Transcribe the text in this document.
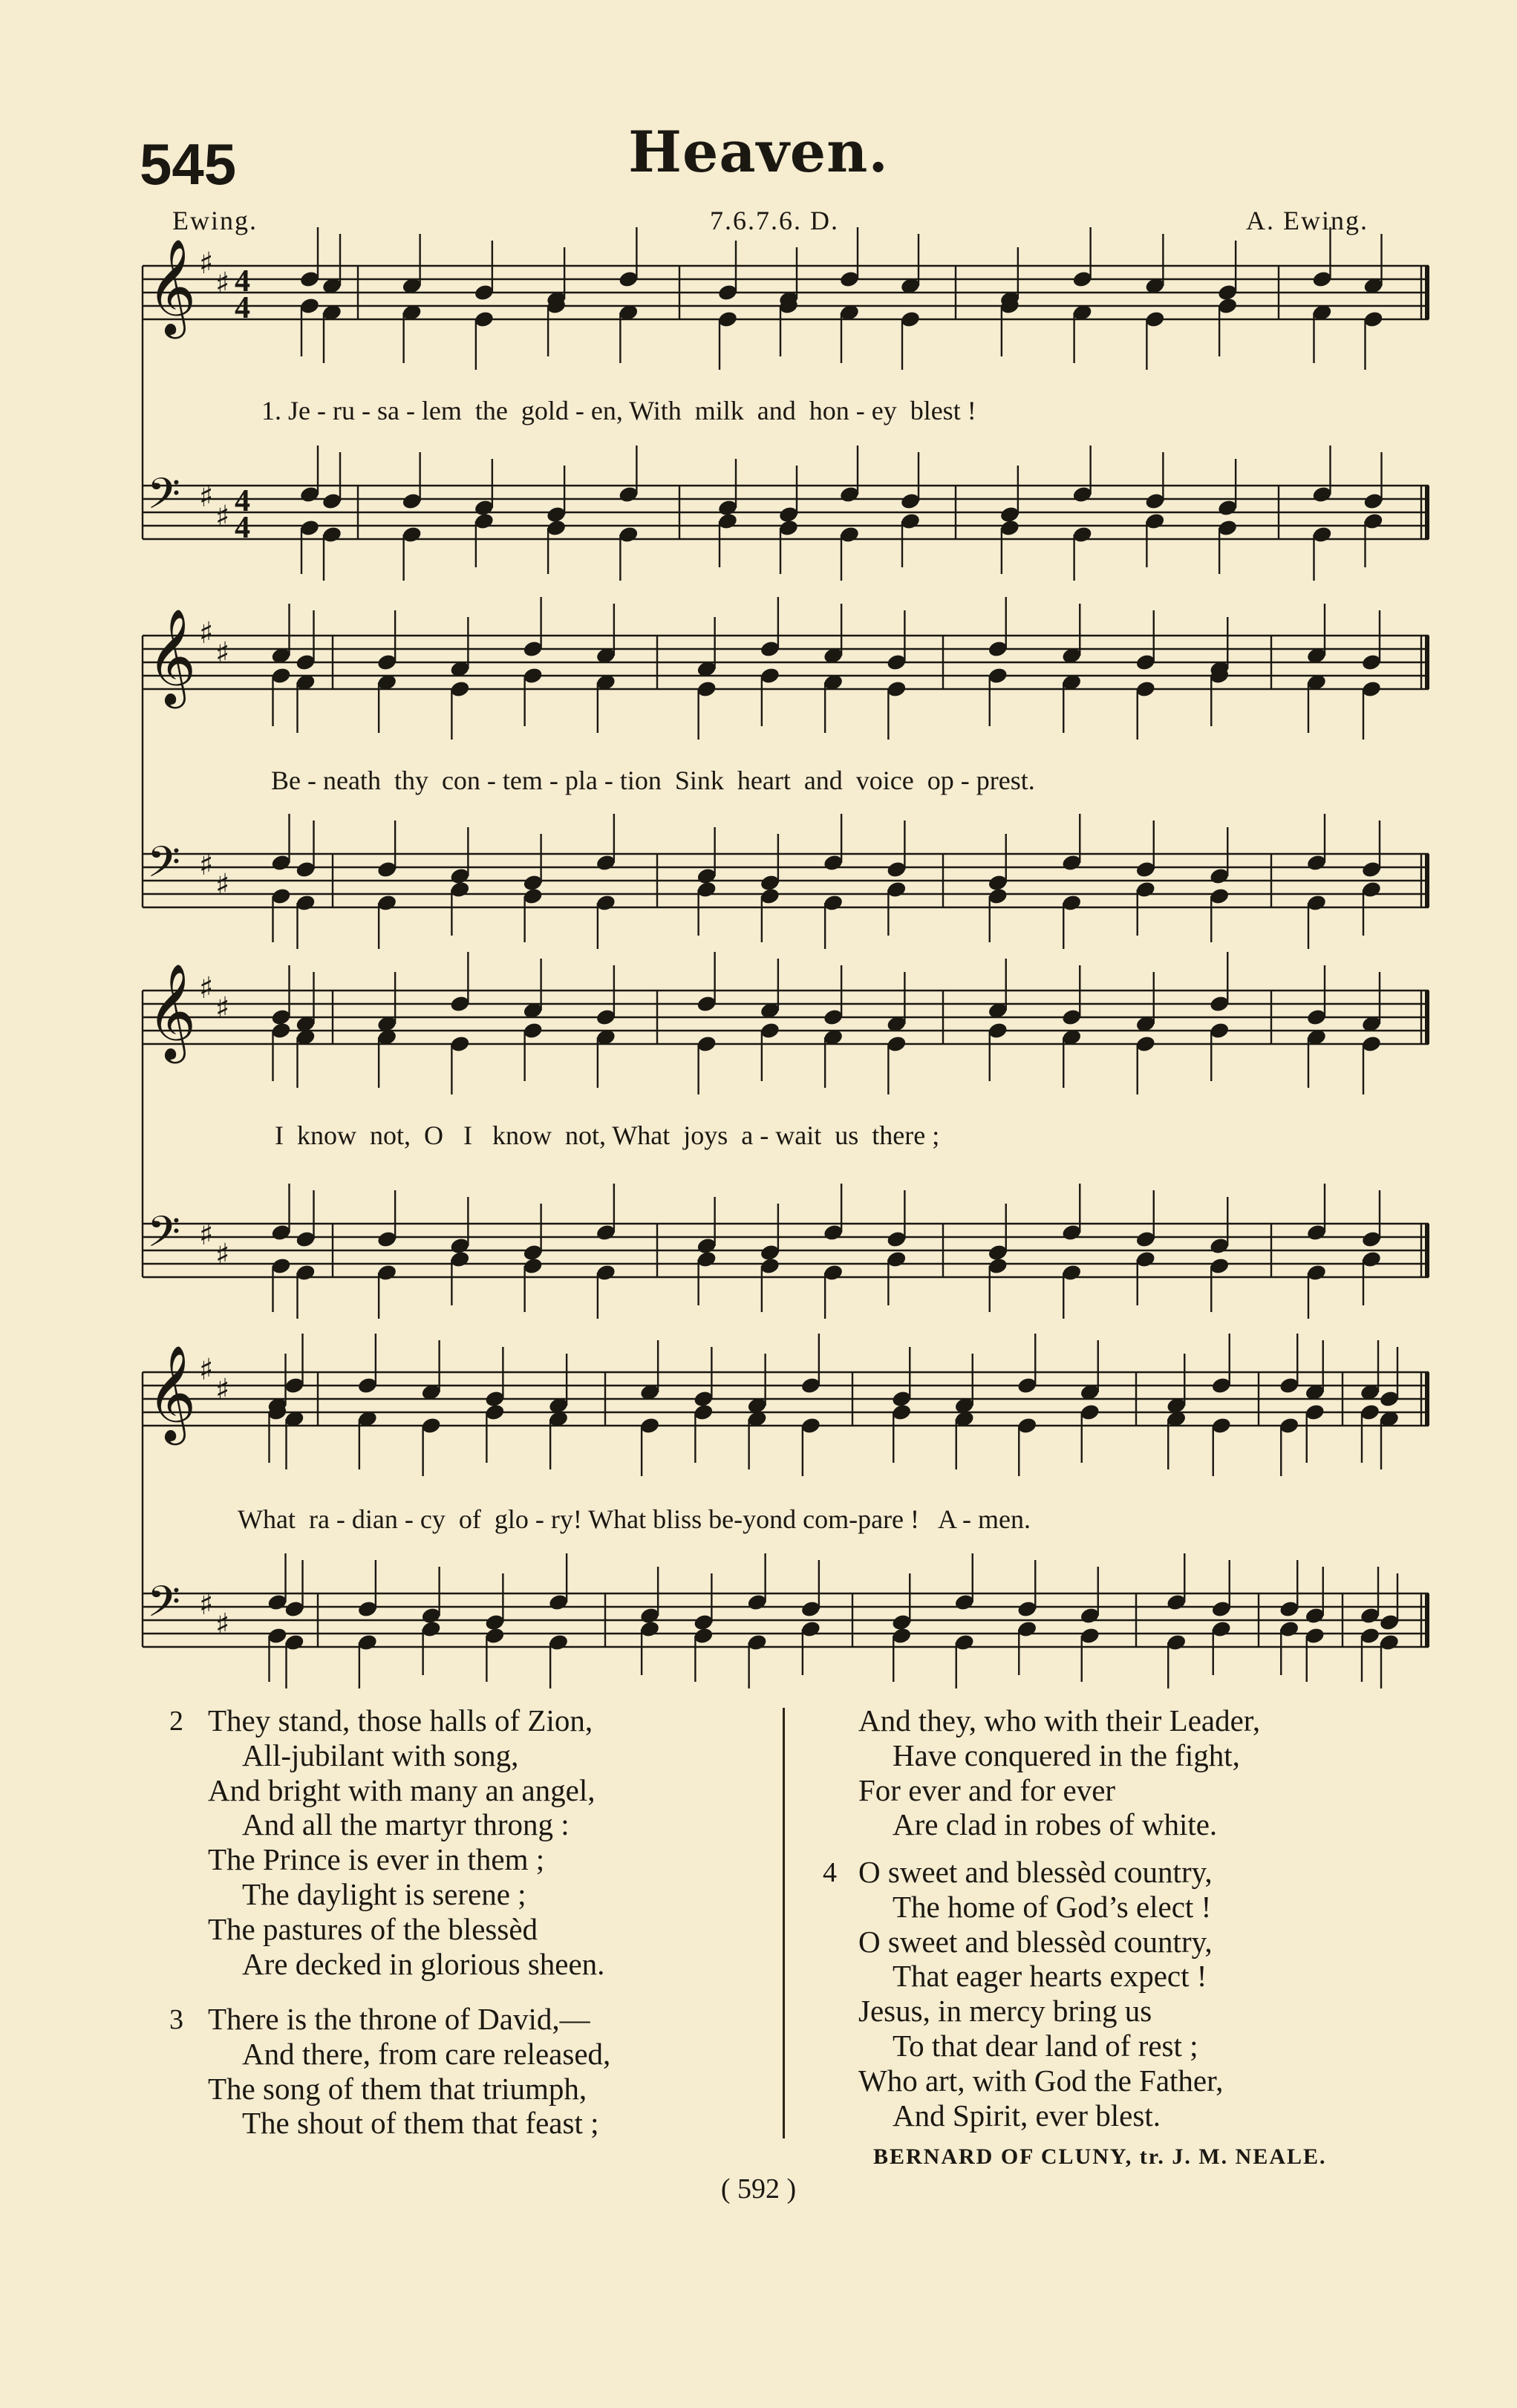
545	Heaven.
Ewing.	7.6.7.6. D.	A. Ewing.
𝄞 ♯
♯ 4
4
𝄢 ♯
♯ 4
4
𝄞 ♯
♯
𝄢 ♯
♯
𝄞 ♯
♯
𝄢 ♯
♯
𝄞 ♯
♯
𝄢 ♯
♯
1. Je - ru - sa - lem  the  gold - en, With  milk  and  hon - ey  blest !
Be - neath  thy  con - tem - pla - tion  Sink  heart  and  voice  op - prest.
I  know  not,  O   I   know  not, What  joys  a - wait  us  there ;
What  ra - dian - cy  of  glo - ry! What bliss be-yond com-pare !   A - men.
2 They stand, those halls of Zion,
All-jubilant with song,
And bright with many an angel,
And all the martyr throng :
The Prince is ever in them ;
The daylight is serene ;
The pastures of the blessèd
Are decked in glorious sheen.
3 There is the throne of David,—
And there, from care released,
The song of them that triumph,
The shout of them that feast ;
And they, who with their Leader,
Have conquered in the fight,
For ever and for ever
Are clad in robes of white.
4 O sweet and blessèd country,
The home of God’s elect !
O sweet and blessèd country,
That eager hearts expect !
Jesus, in mercy bring us
To that dear land of rest ;
Who art, with God the Father,
And Spirit, ever blest.
BERNARD OF CLUNY, tr. J. M. NEALE.
( 592 )
